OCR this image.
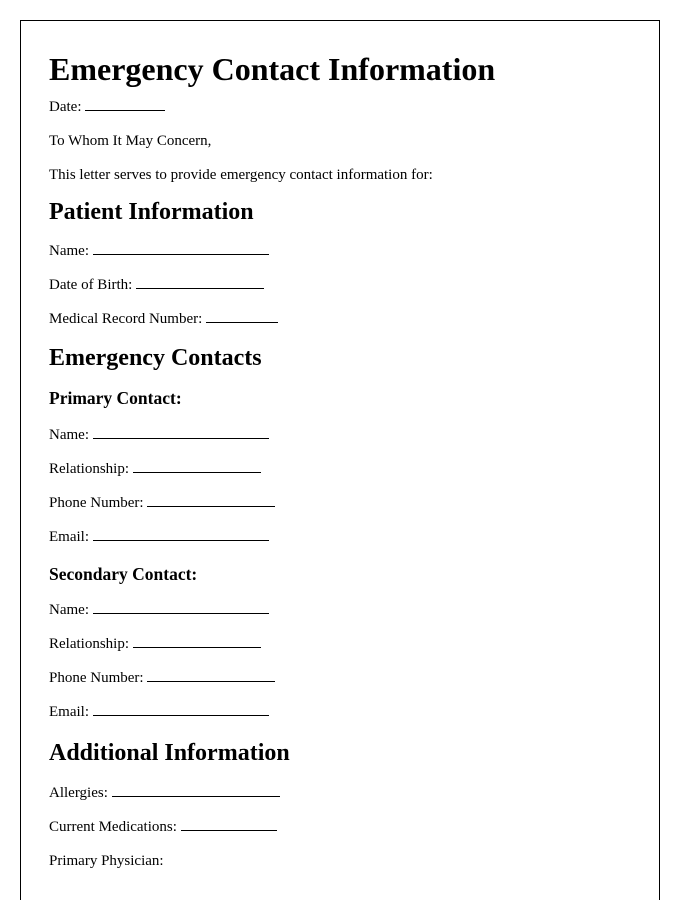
Emergency Contact Information

Date:

To Whom It May Concern,

This letter serves to provide emergency contact information for:

Patient Information

Name:

Date of Birth:

Medical Record Number:

Emergency Contacts
Primary Contact:

Name:

Relationship:

Phone Number:

Email:

Secondary Contact:

Name:

Relationship:

Phone Number:

Email:

Additional Information

Allergies:

Current Medications:

Primary Physician:
